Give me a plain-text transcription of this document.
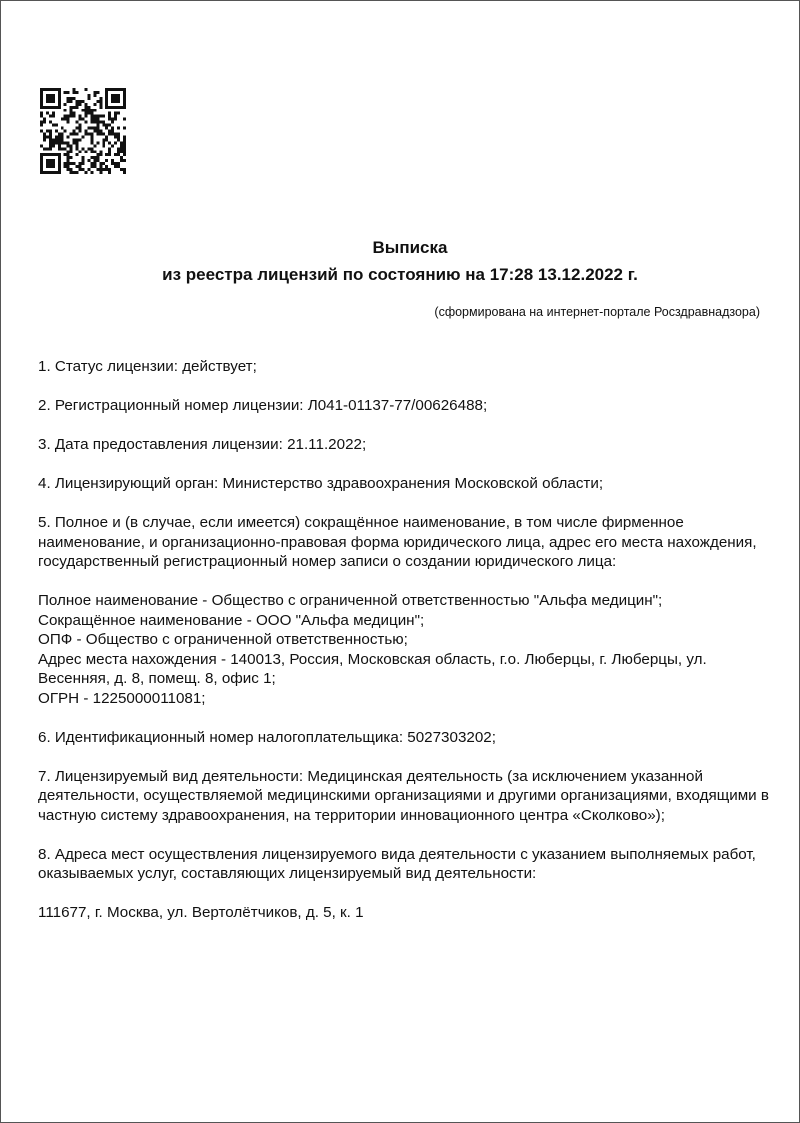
Выписка
из реестра лицензий по состоянию на 17:28 13.12.2022 г.
(сформирована на интернет-портале Росздравнадзора)

1. Статус лицензии: действует;

2. Регистрационный номер лицензии: Л041-01137-77/00626488;

3. Дата предоставления лицензии: 21.11.2022;

4. Лицензирующий орган: Министерство здравоохранения Московской области;

5. Полное и (в случае, если имеется) сокращённое наименование, в том числе фирменное наименование, и организационно-правовая форма юридического лица, адрес его места нахождения, государственный регистрационный номер записи о создании юридического лица:

Полное наименование - Общество с ограниченной ответственностью "Альфа медицин";

Сокращённое наименование - ООО "Альфа медицин";

ОПФ - Общество с ограниченной ответственностью;

Адрес места нахождения - 140013, Россия, Московская область, г.о. Люберцы, г. Люберцы, ул. Весенняя, д. 8, помещ. 8, офис 1;

ОГРН - 1225000011081;

6. Идентификационный номер налогоплательщика: 5027303202;

7. Лицензируемый вид деятельности: Медицинская деятельность (за исключением указанной деятельности, осуществляемой медицинскими организациями и другими организациями, входящими в частную систему здравоохранения, на территории инновационного центра «Сколково»);

8. Адреса мест осуществления лицензируемого вида деятельности с указанием выполняемых работ, оказываемых услуг, составляющих лицензируемый вид деятельности:

111677, г. Москва, ул. Вертолётчиков, д. 5, к. 1
